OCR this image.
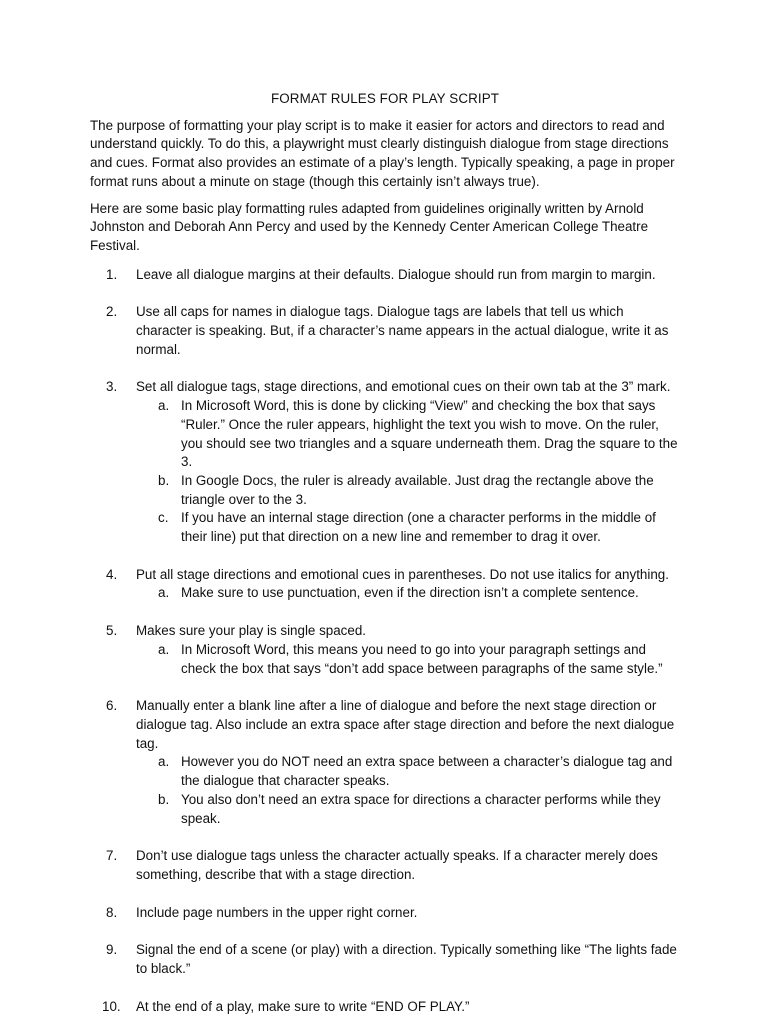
FORMAT RULES FOR PLAY SCRIPT

The purpose of formatting your play script is to make it easier for actors and directors to read and understand quickly. To do this, a playwright must clearly distinguish dialogue from stage directions and cues. Format also provides an estimate of a play’s length. Typically speaking, a page in proper format runs about a minute on stage (though this certainly isn’t always true).

Here are some basic play formatting rules adapted from guidelines originally written by Arnold Johnston and Deborah Ann Percy and used by the Kennedy Center American College Theatre Festival.

1.	Leave all dialogue margins at their defaults. Dialogue should run from margin to margin.
2.	Use all caps for names in dialogue tags. Dialogue tags are labels that tell us which character is speaking. But, if a character’s name appears in the actual dialogue, write it as normal.
3.	Set all dialogue tags, stage directions, and emotional cues on their own tab at the 3” mark.
a. In Microsoft Word, this is done by clicking “View” and checking the box that says “Ruler.” Once the ruler appears, highlight the text you wish to move. On the ruler, you should see two triangles and a square underneath them. Drag the square to the 3.
b. In Google Docs, the ruler is already available. Just drag the rectangle above the triangle over to the 3.
c. If you have an internal stage direction (one a character performs in the middle of their line) put that direction on a new line and remember to drag it over.
4.	Put all stage directions and emotional cues in parentheses. Do not use italics for anything.
a. Make sure to use punctuation, even if the direction isn’t a complete sentence.
5.	Makes sure your play is single spaced.
a. In Microsoft Word, this means you need to go into your paragraph settings and check the box that says “don’t add space between paragraphs of the same style.”
6.	Manually enter a blank line after a line of dialogue and before the next stage direction or dialogue tag. Also include an extra space after stage direction and before the next dialogue tag.
a. However you do NOT need an extra space between a character’s dialogue tag and the dialogue that character speaks.
b. You also don’t need an extra space for directions a character performs while they speak.
7.	Don’t use dialogue tags unless the character actually speaks. If a character merely does something, describe that with a stage direction.
8.	Include page numbers in the upper right corner.
9.	Signal the end of a scene (or play) with a direction. Typically something like “The lights fade to black.”
10. At the end of a play, make sure to write “END OF PLAY.”
